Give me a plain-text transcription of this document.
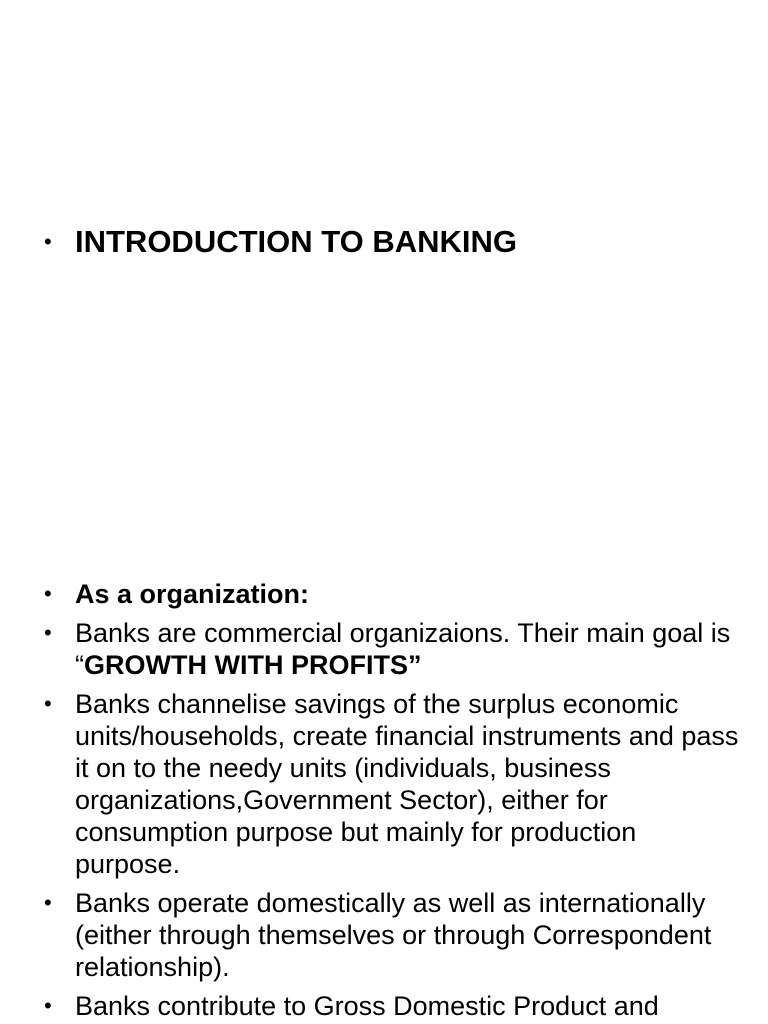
• INTRODUCTION TO BANKING
• As a organization:
• Banks are commercial organizaions. Their main goal is “GROWTH WITH PROFITS”
• Banks channelise savings of the surplus economic units/households, create financial instruments and pass it on to the needy units (individuals, business organizations,Government Sector), either for consumption purpose but mainly for production purpose.
• Banks operate domestically as well as internationally (either through themselves or through Correspondent relationship).
• Banks contribute to Gross Domestic Product and
